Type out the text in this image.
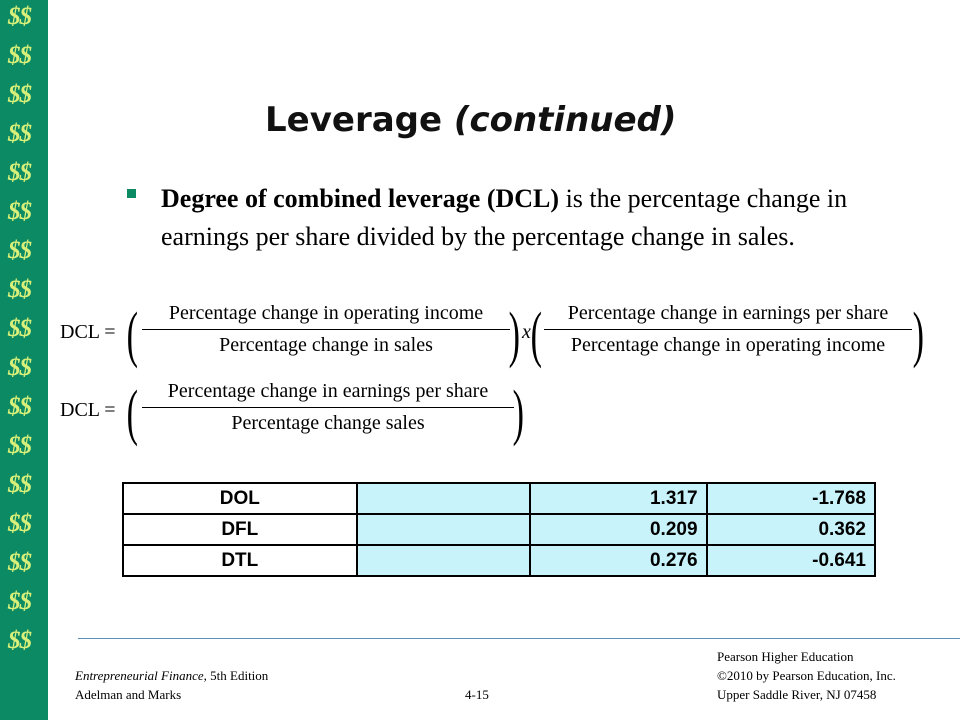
$$
$$
$$
$$
$$
$$
$$
$$
$$
$$
$$
$$
$$
$$
$$
$$
$$
Leverage (continued)
Degree of combined leverage (DCL) is the percentage change in earnings per share divided by the percentage change in sales.
DCL = (	Percentage change in operating income
Percentage change in sales	) x (	Percentage change in earnings per share
Percentage change in operating income )
DCL = (	Percentage change in earnings per share
Percentage change sales	)
DOL		1.317	-1.768
DFL		0.209	0.362
DTL		0.276	-0.641
Entrepreneurial Finance, 5th Edition
Adelman and Marks	4-15
Pearson Higher Education
©2010 by Pearson Education, Inc.
Upper Saddle River, NJ 07458
